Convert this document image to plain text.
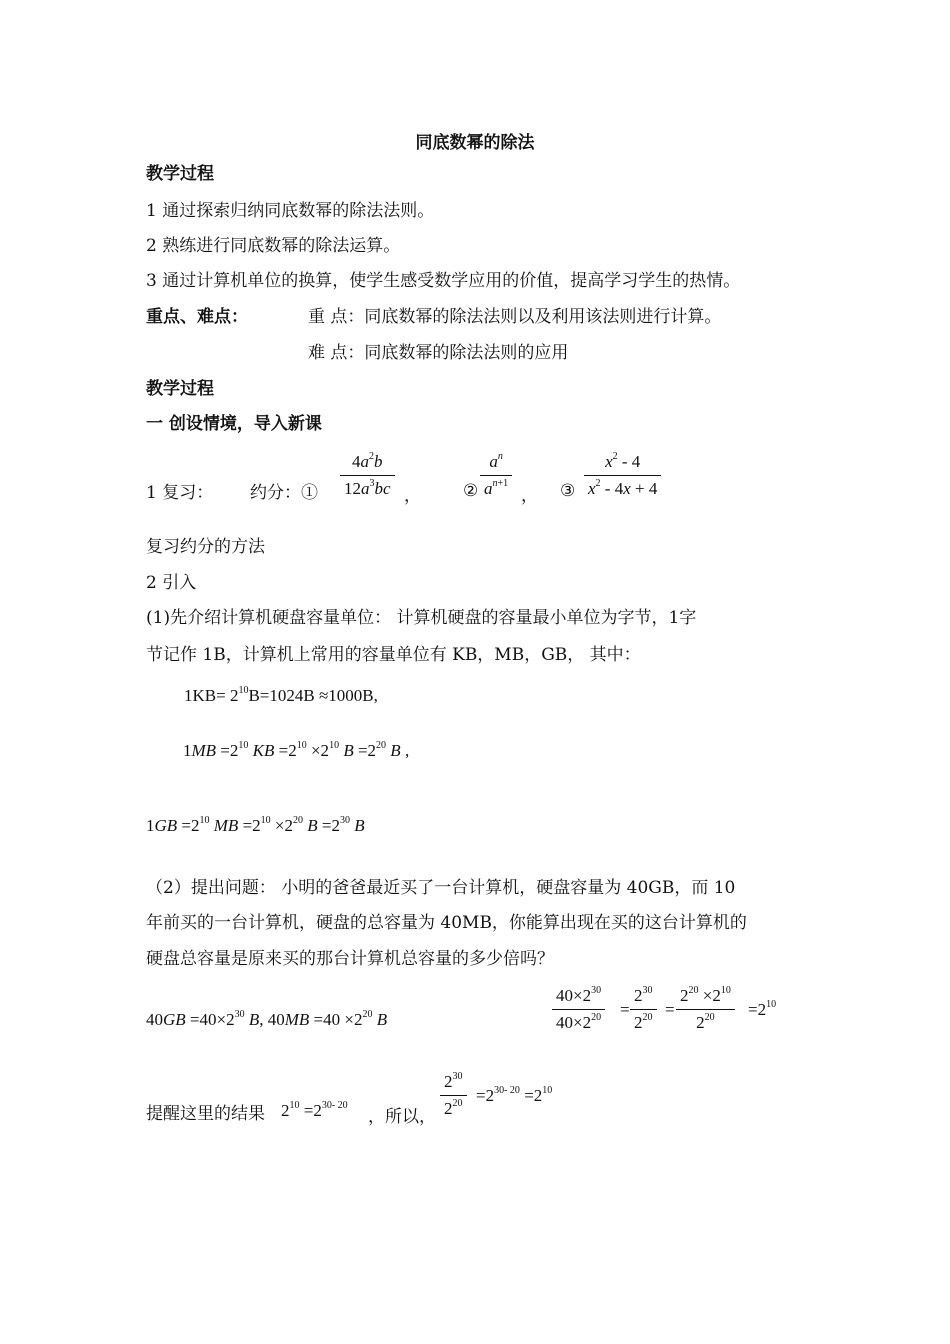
同底数幂的除法
教学过程
1 通过探索归纳同底数幂的除法法则。
2 熟练进行同底数幂的除法运算。
3 通过计算机单位的换算，使学生感受数学应用的价值，提高学习学生的热情。
重点、难点：	重 点：同底数幂的除法法则以及利用该法则进行计算。
难 点：同底数幂的除法法则的应用
教学过程
一 创设情境，导入新课
1 复习： 约分：① $\frac{4a^2b}{12a^3bc}$ ， ② $\frac{a^n}{a^{n+1}}$ ， ③ $\frac{x^2 - 4}{x^2 - 4x + 4}$
复习约分的方法
2 引入
(1)先介绍计算机硬盘容量单位： 计算机硬盘的容量最小单位为字节，1字
节记作 1B，计算机上常用的容量单位有 KB，MB，GB， 其中：
$1KB= 2^{10}B=1024B \approx 1000B$,
$1MB =2^{10}$ KB $=2^{10} \times 2^{10}$ $B =2^{20}$ B ,
$1GB =2^{10}$ MB $=2^{10} \times 2^{20}$ $B =2^{30}$ B
（2）提出问题： 小明的爸爸最近买了一台计算机，硬盘容量为 40GB，而 10
年前买的一台计算机，硬盘的总容量为 40MB，你能算出现在买的这台计算机的
硬盘总容量是原来买的那台计算机总容量的多少倍吗？
$40GB =40\times 2^{30}$ B, $40MB =40 \times 2^{20}$ B	$\frac{40\times 2^{30}}{40\times 2^{20}} = \frac{2^{30}}{2^{20}} = \frac{2^{20} \times 2^{10}}{2^{20}} =2^{10}$
提醒这里的结果 $2^{10} =2^{30- 20}$
，所以， $\frac{2^{30}}{2^{20}} =2^{30- 20} =2^{10}$
